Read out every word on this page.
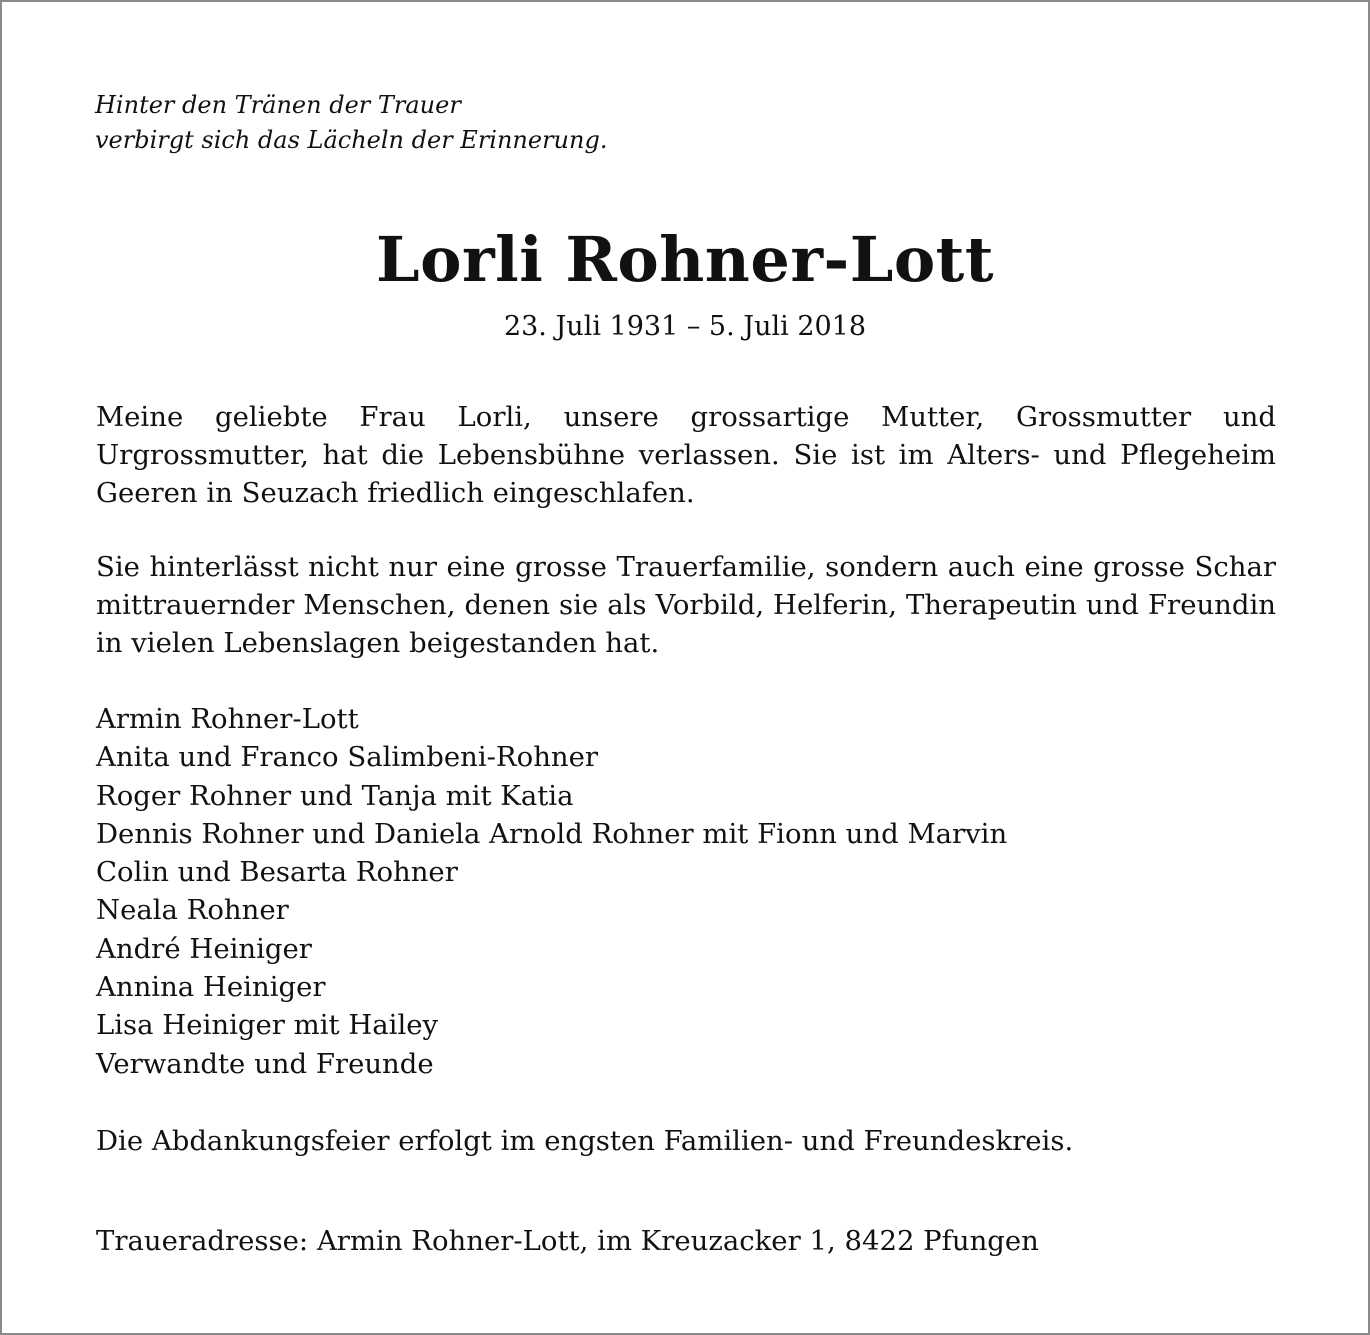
Hinter den Tränen der Trauer
verbirgt sich das Lächeln der Erinnerung.
Lorli Rohner-Lott
23. Juli 1931 – 5. Juli 2018
Meine geliebte Frau Lorli, unsere grossartige Mutter, Grossmutter und Urgrossmutter, hat die Lebensbühne verlassen. Sie ist im Alters- und Pflegeheim Geeren in Seuzach friedlich eingeschlafen.
Sie hinterlässt nicht nur eine grosse Trauerfamilie, sondern auch eine grosse Schar mittrauernder Menschen, denen sie als Vorbild, Helferin, Therapeutin und Freundin in vielen Lebenslagen beigestanden hat.
Armin Rohner-Lott
Anita und Franco Salimbeni-Rohner
Roger Rohner und Tanja mit Katia
Dennis Rohner und Daniela Arnold Rohner mit Fionn und Marvin
Colin und Besarta Rohner
Neala Rohner
André Heiniger
Annina Heiniger
Lisa Heiniger mit Hailey
Verwandte und Freunde
Die Abdankungsfeier erfolgt im engsten Familien- und Freundeskreis.
Traueradresse: Armin Rohner-Lott, im Kreuzacker 1, 8422 Pfungen
